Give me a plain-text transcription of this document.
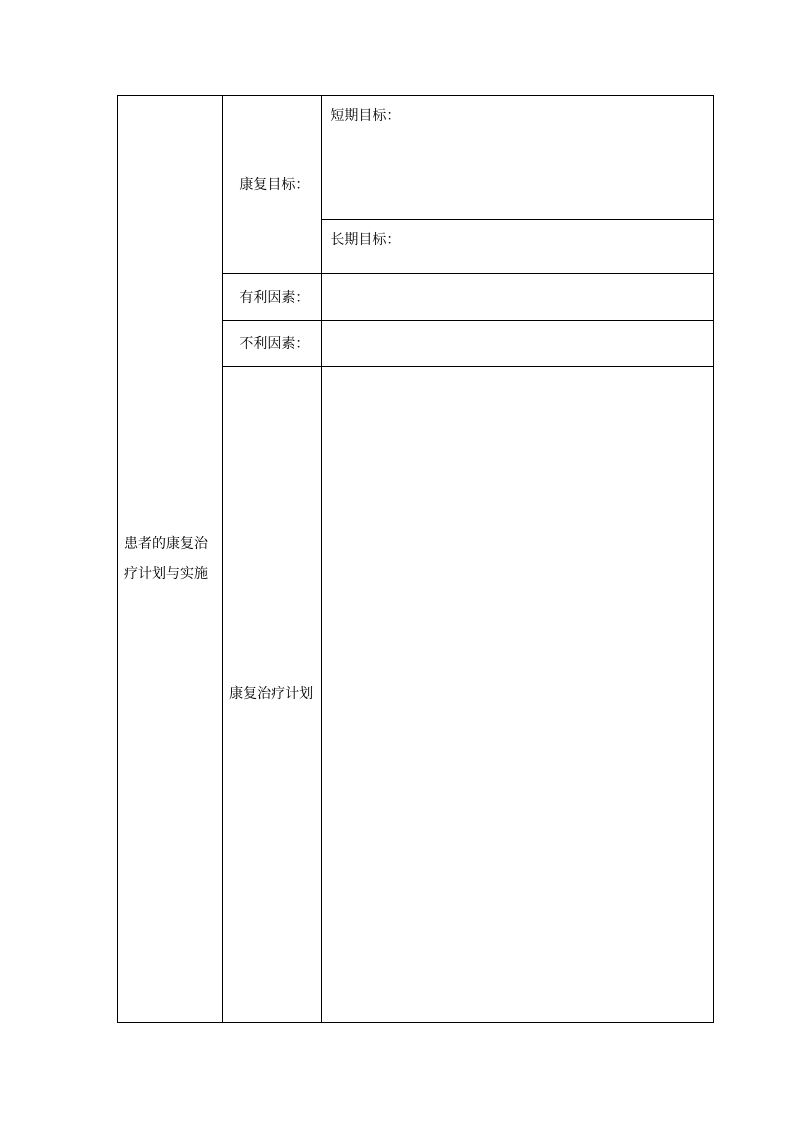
患者的康复治疗计划与实施	康复目标：	短期目标：
		长期目标：
	有利因素：	
	不利因素：	
	康复治疗计划	
